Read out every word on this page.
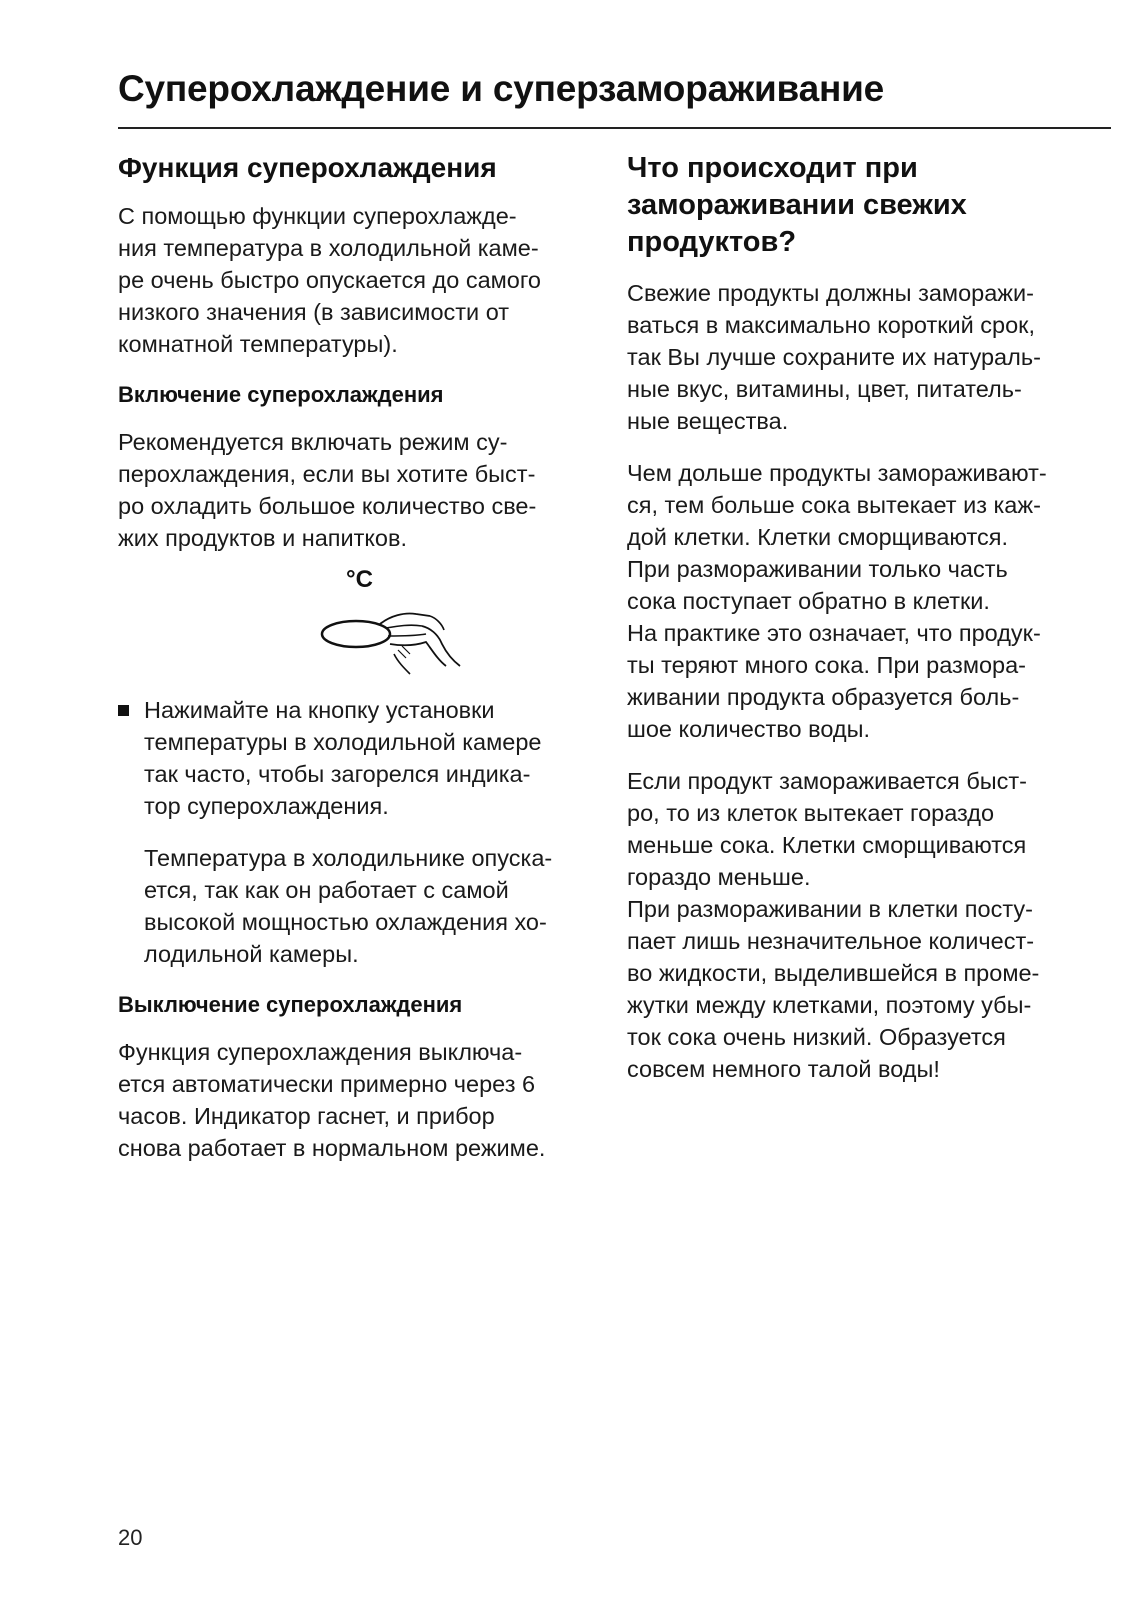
Суперохлаждение и суперзамораживание
Функция суперохлаждения

С помощью функции суперохлажде-
ния температура в холодильной каме-
ре очень быстро опускается до самого
низкого значения (в зависимости от
комнатной температуры).

Включение суперохлаждения

Рекомендуется включать режим су-
перохлаждения, если вы хотите быст-
ро охладить большое количество све-
жих продуктов и напитков.

°C

Нажимайте на кнопку установки
температуры в холодильной камере
так часто, чтобы загорелся индика-
тор суперохлаждения.

Температура в холодильнике опуска-
ется, так как он работает с самой
высокой мощностью охлаждения хо-
лодильной камеры.

Выключение суперохлаждения

Функция суперохлаждения выключа-
ется автоматически примерно через 6
часов. Индикатор гаснет, и прибор
снова работает в нормальном режиме.

Что происходит при
замораживании свежих
продуктов?

Свежие продукты должны заморажи-
ваться в максимально короткий срок,
так Вы лучше сохраните их натураль-
ные вкус, витамины, цвет, питатель-
ные вещества.

Чем дольше продукты замораживают-
ся, тем больше сока вытекает из каж-
дой клетки. Клетки сморщиваются.
При размораживании только часть
сока поступает обратно в клетки.
На практике это означает, что продук-
ты теряют много сока. При размора-
живании продукта образуется боль-
шое количество воды.

Если продукт замораживается быст-
ро, то из клеток вытекает гораздо
меньше сока. Клетки сморщиваются
гораздо меньше.
При размораживании в клетки посту-
пает лишь незначительное количест-
во жидкости, выделившейся в проме-
жутки между клетками, поэтому убы-
ток сока очень низкий. Образуется
совсем немного талой воды!

20
